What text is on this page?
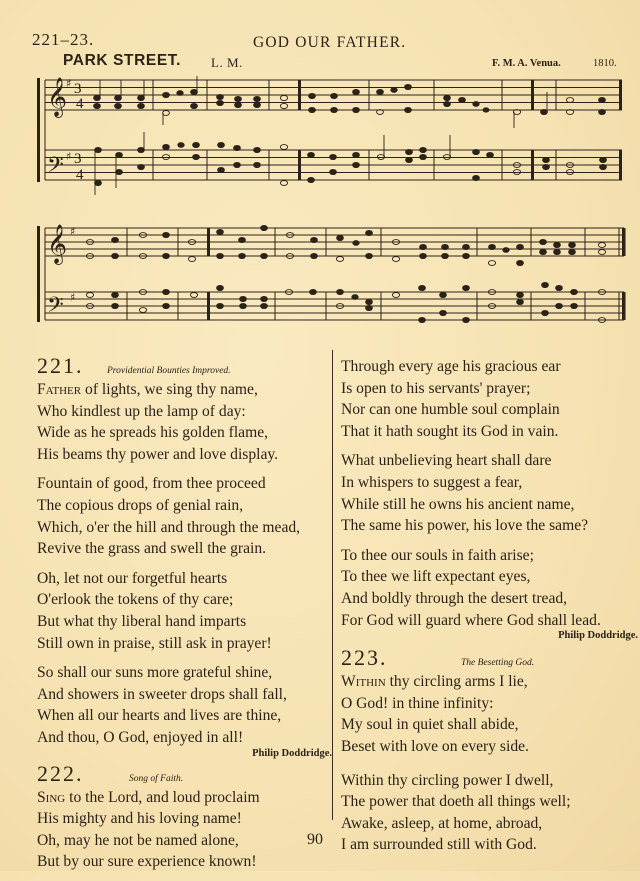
221–23.	GOD OUR FATHER.
PARK STREET. L. M.	F. M. A. Venua.	1810.
𝄞
𝄢
𝄞
𝄢
♯
♯
♯
♯
3
4
3
4
221.	Providential Bounties Improved.
Father of lights, we sing thy name,
Who kindlest up the lamp of day:
Wide as he spreads his golden flame,
His beams thy power and love display.
Fountain of good, from thee proceed
The copious drops of genial rain,
Which, o'er the hill and through the mead,
Revive the grass and swell the grain.
Oh, let not our forgetful hearts
O'erlook the tokens of thy care;
But what thy liberal hand imparts
Still own in praise, still ask in prayer!
So shall our suns more grateful shine,
And showers in sweeter drops shall fall,
When all our hearts and lives are thine,
And thou, O God, enjoyed in all!
Philip Doddridge.
222.	Song of Faith.
Sing to the Lord, and loud proclaim
His mighty and his loving name!
Oh, may he not be named alone,
But by our sure experience known!
Through every age his gracious ear
Is open to his servants' prayer;
Nor can one humble soul complain
That it hath sought its God in vain.
What unbelieving heart shall dare
In whispers to suggest a fear,
While still he owns his ancient name,
The same his power, his love the same?
To thee our souls in faith arise;
To thee we lift expectant eyes,
And boldly through the desert tread,
For God will guard where God shall lead.
Philip Doddridge.
223.	The Besetting God.
Within thy circling arms I lie,
O God! in thine infinity:
My soul in quiet shall abide,
Beset with love on every side.
Within thy circling power I dwell,
The power that doeth all things well;
Awake, asleep, at home, abroad,
I am surrounded still with God.
90
